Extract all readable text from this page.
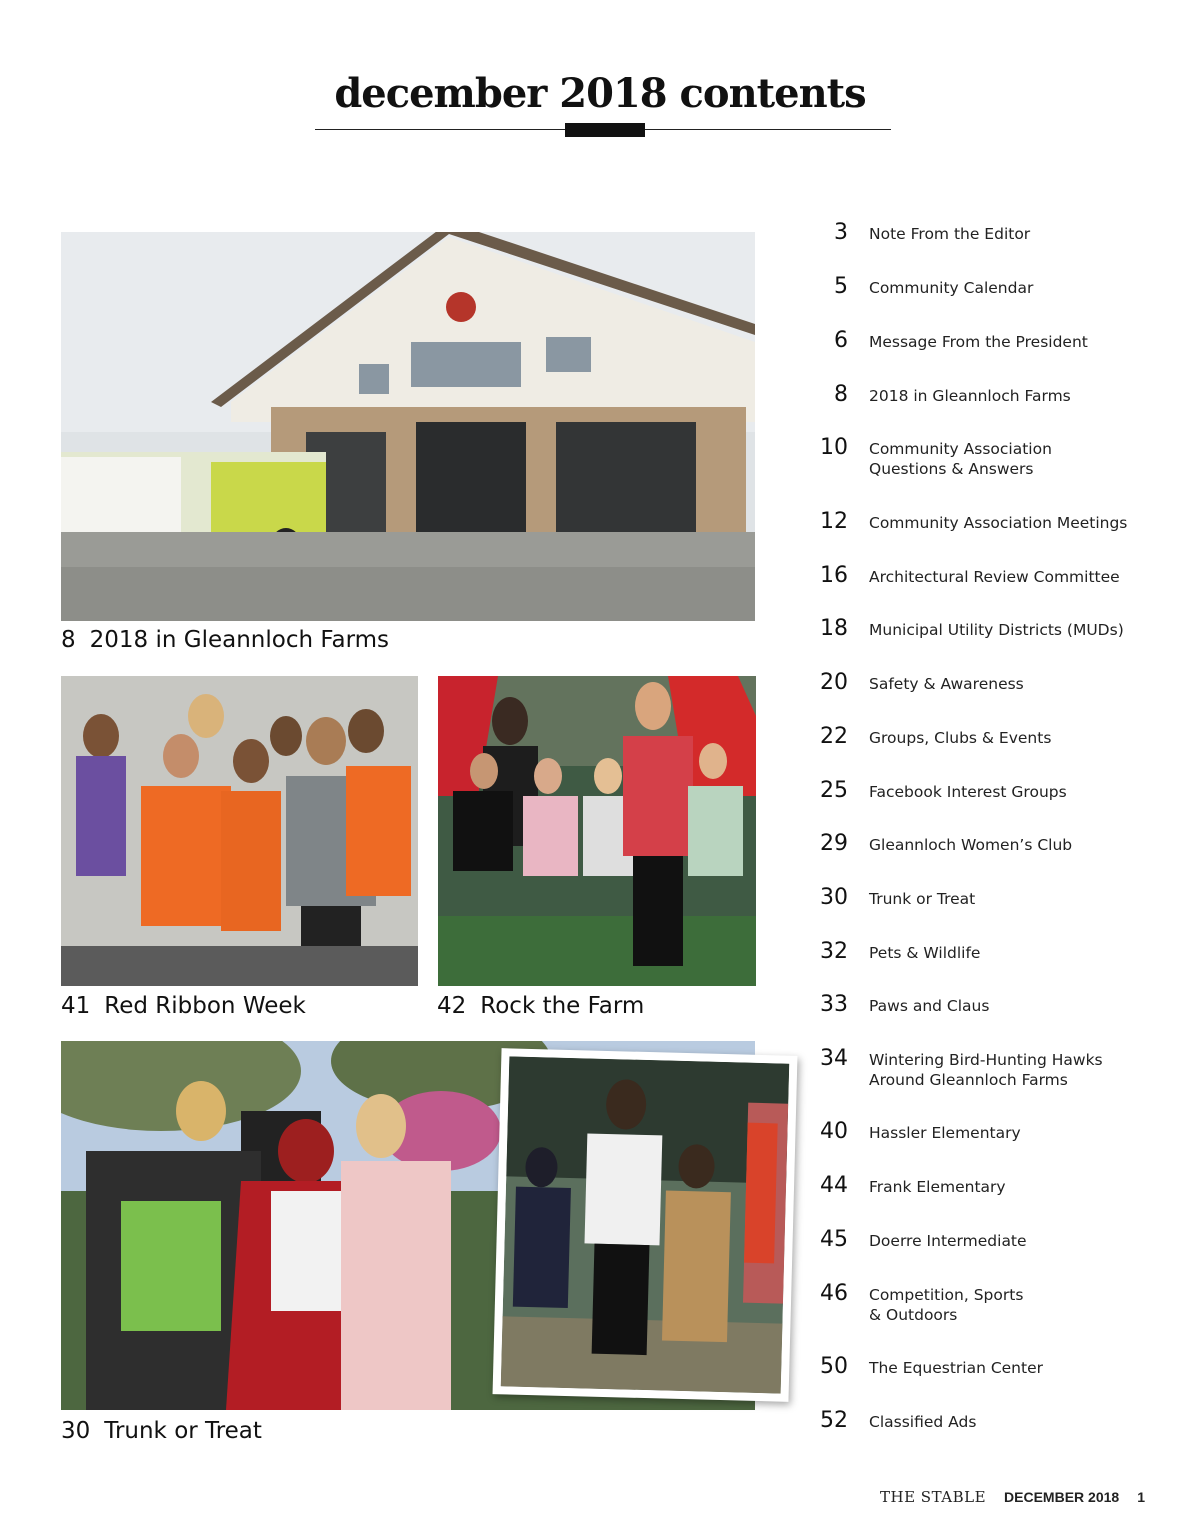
december 2018 contents
8 2018 in Gleannloch Farms
41 Red Ribbon Week	42 Rock the Farm
30 Trunk or Treat
3 Note From the Editor
5 Community Calendar
6 Message From the President
8 2018 in Gleannloch Farms
10 Community Association
Questions & Answers
12 Community Association Meetings
16 Architectural Review Committee
18 Municipal Utility Districts (MUDs)
20 Safety & Awareness
22 Groups, Clubs & Events
25 Facebook Interest Groups
29 Gleannloch Women’s Club
30 Trunk or Treat
32 Pets & Wildlife
33 Paws and Claus
34 Wintering Bird-Hunting Hawks
Around Gleannloch Farms
40 Hassler Elementary
44 Frank Elementary
45 Doerre Intermediate
46 Competition, Sports
& Outdoors
50 The Equestrian Center
52 Classified Ads
THE STABLE DECEMBER 2018 1
